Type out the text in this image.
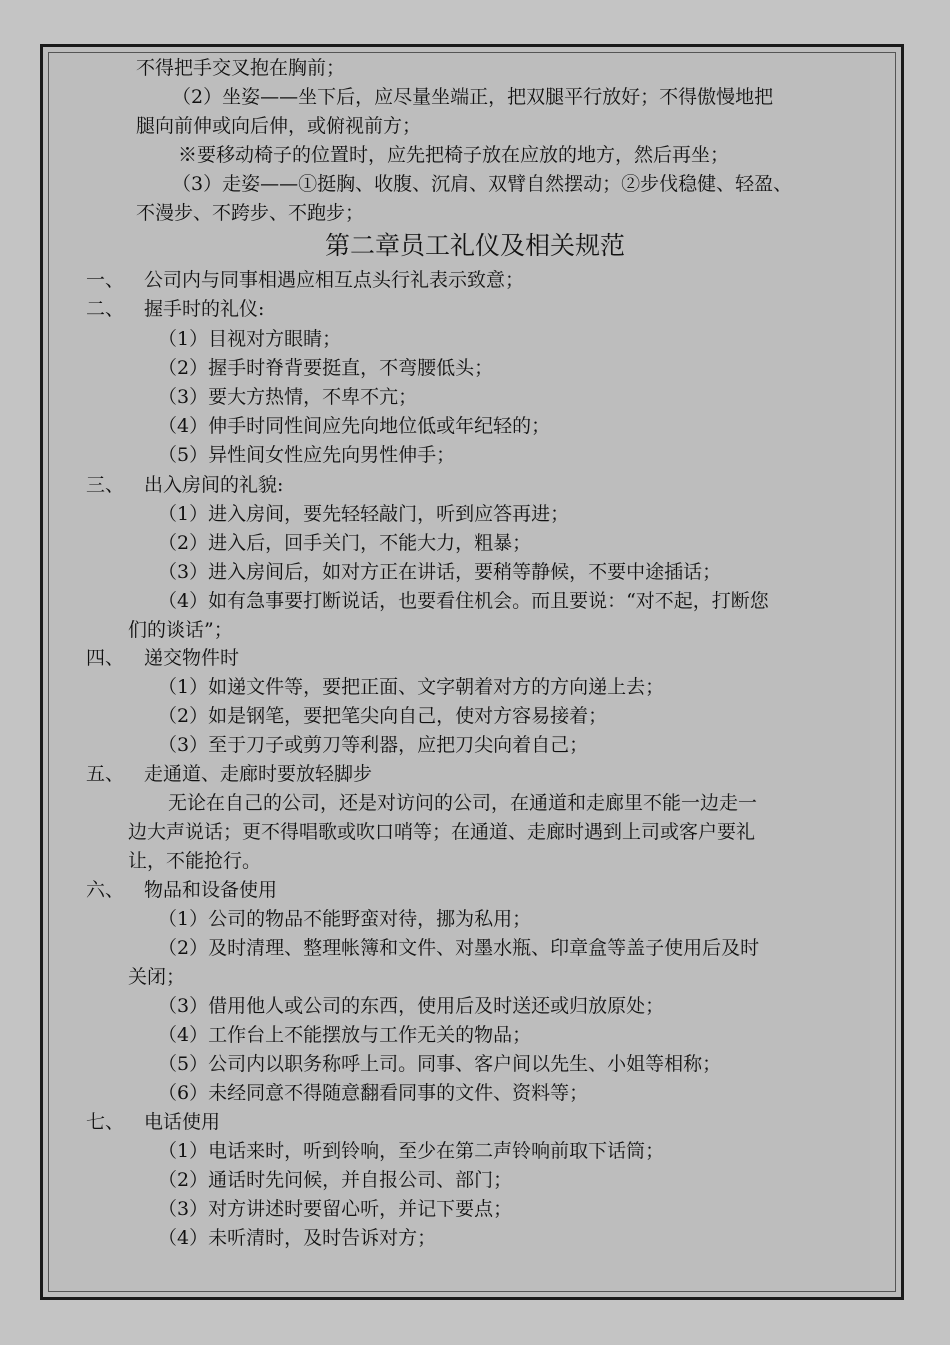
不得把手交叉抱在胸前；
（2）坐姿——坐下后，应尽量坐端正，把双腿平行放好；不得傲慢地把
腿向前伸或向后伸，或俯视前方；
※要移动椅子的位置时，应先把椅子放在应放的地方，然后再坐；
（3）走姿——①挺胸、收腹、沉肩、双臂自然摆动；②步伐稳健、轻盈、
不漫步、不跨步、不跑步；
第二章员工礼仪及相关规范
一、 公司内与同事相遇应相互点头行礼表示致意；
二、 握手时的礼仪:
（1）目视对方眼睛；
（2）握手时脊背要挺直，不弯腰低头；
（3）要大方热情，不卑不亢；
（4）伸手时同性间应先向地位低或年纪轻的；
（5）异性间女性应先向男性伸手；
三、 出入房间的礼貌:
（1）进入房间，要先轻轻敲门，听到应答再进；
（2）进入后，回手关门，不能大力，粗暴；
（3）进入房间后，如对方正在讲话，要稍等静候，不要中途插话；
（4）如有急事要打断说话，也要看住机会。而且要说：“对不起，打断您
们的谈话”；
四、 递交物件时
（1）如递文件等，要把正面、文字朝着对方的方向递上去；
（2）如是钢笔，要把笔尖向自己，使对方容易接着；
（3）至于刀子或剪刀等利器，应把刀尖向着自己；
五、 走通道、走廊时要放轻脚步
无论在自己的公司，还是对访问的公司，在通道和走廊里不能一边走一
边大声说话；更不得唱歌或吹口哨等；在通道、走廊时遇到上司或客户要礼
让，不能抢行。
六、 物品和设备使用
（1）公司的物品不能野蛮对待，挪为私用；
（2）及时清理、整理帐簿和文件、对墨水瓶、印章盒等盖子使用后及时
关闭；
（3）借用他人或公司的东西，使用后及时送还或归放原处；
（4）工作台上不能摆放与工作无关的物品；
（5）公司内以职务称呼上司。同事、客户间以先生、小姐等相称；
（6）未经同意不得随意翻看同事的文件、资料等；
七、 电话使用
（1）电话来时，听到铃响，至少在第二声铃响前取下话筒；
（2）通话时先问候，并自报公司、部门；
（3）对方讲述时要留心听，并记下要点；
（4）未听清时，及时告诉对方；
